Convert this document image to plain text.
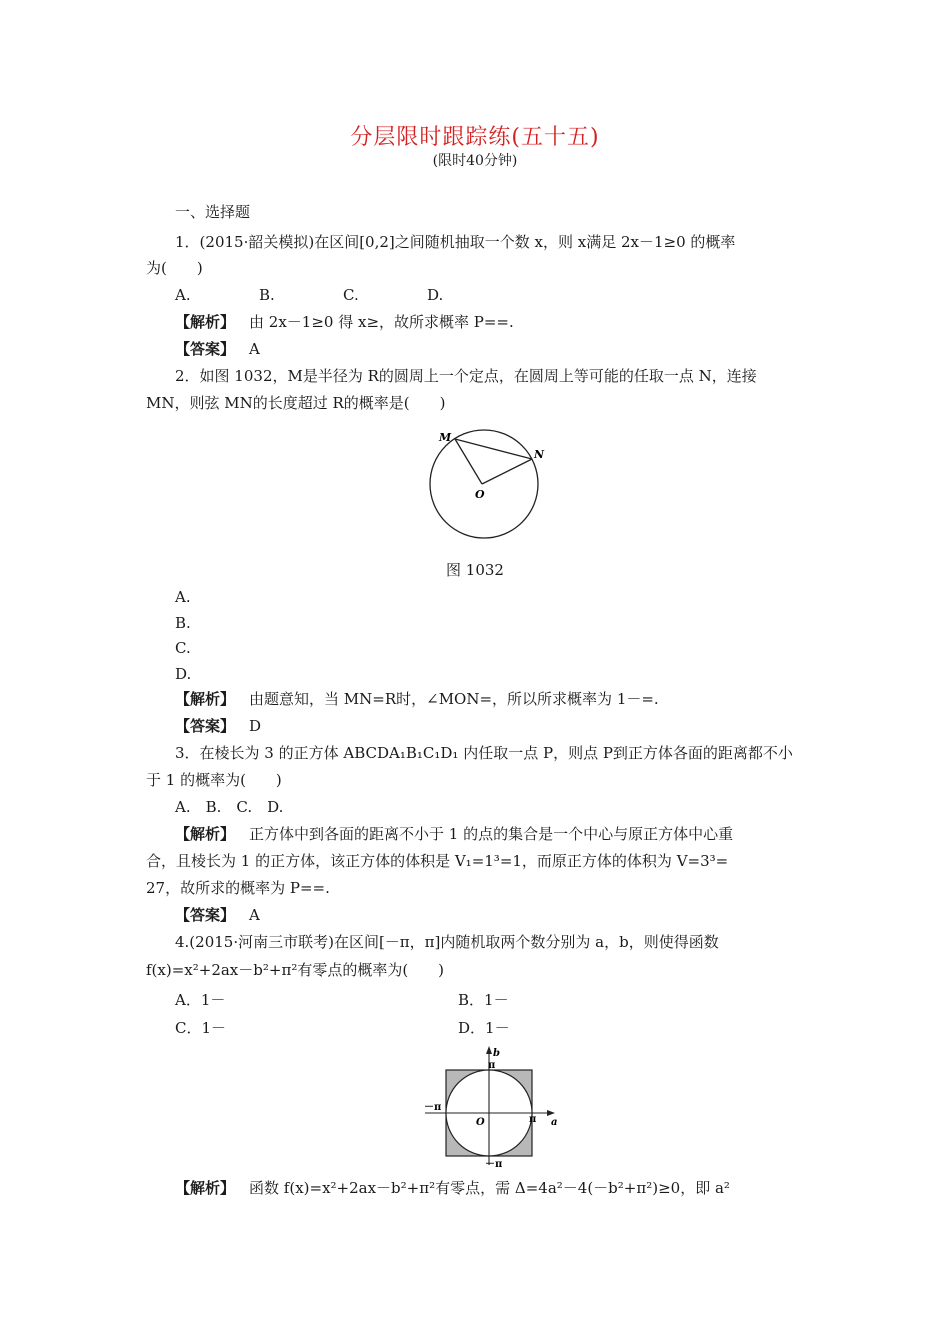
分层限时跟踪练(五十五)
(限时40分钟)
一、选择题
1．(2015·韶关模拟)在区间[0,2]之间随机抽取一个数 x，则 x满足 2x－1≥0 的概率
为(　　)
A.	B.	C.	D.
【解析】 由 2x－1≥0 得 x≥，故所求概率 P==.
【答案】 A
2．如图 1032，M是半径为 R的圆周上一个定点，在圆周上等可能的任取一点 N，连接
MN，则弦 MN的长度超过 R的概率是(　　)
M
N
O
图 1032
A.
B.
C.
D.
【解析】 由题意知，当 MN=R时，∠MON=，所以所求概率为 1－=.
【答案】 D
3．在棱长为 3 的正方体 ABCDA₁B₁C₁D₁ 内任取一点 P，则点 P到正方体各面的距离都不小
于 1 的概率为(　　)
A.　B.　C.　D.
【解析】 正方体中到各面的距离不小于 1 的点的集合是一个中心与原正方体中心重
合，且棱长为 1 的正方体，该正方体的体积是 V₁=1³=1，而原正方体的体积为 V=3³=
27，故所求的概率为 P==.
【答案】 A
4.(2015·河南三市联考)在区间[－π，π]内随机取两个数分别为 a，b，则使得函数
f(x)=x²+2ax－b²+π²有零点的概率为(　　)
A．1－	B．1－
C．1－	D．1－
b
π
π
－π
－π
O	a
【解析】 函数 f(x)=x²+2ax－b²+π²有零点，需 Δ=4a²－4(－b²+π²)≥0，即 a²
